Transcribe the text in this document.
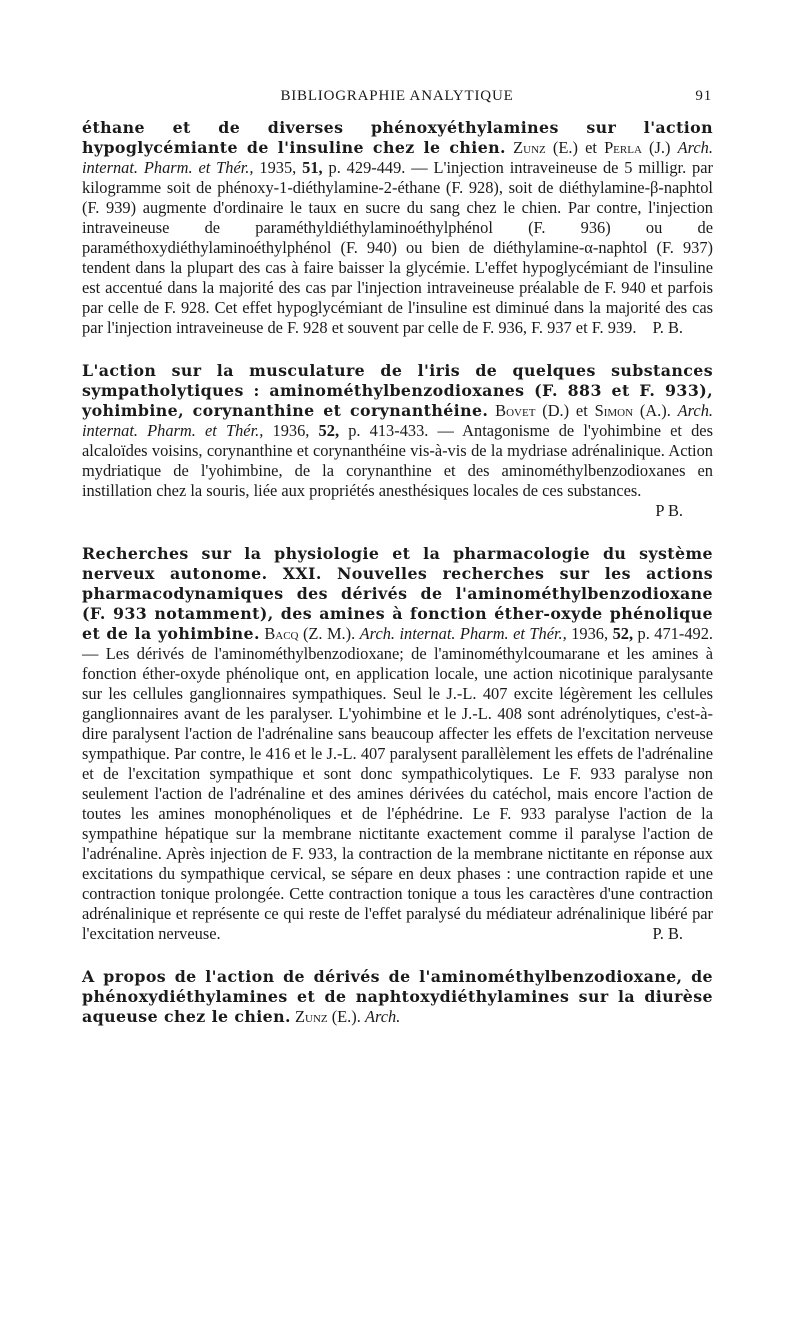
BIBLIOGRAPHIE ANALYTIQUE	91

éthane et de diverses phénoxyéthylamines sur l'action hypoglycémiante de l'insuline chez le chien. Zunz (E.) et Perla (J.) Arch. internat. Pharm. et Thér., 1935, 51, p. 429-449. — L'injection intraveineuse de 5 milligr. par kilogramme soit de phénoxy-1-diéthylamine-2-éthane (F. 928), soit de diéthylamine-β-naphtol (F. 939) augmente d'ordinaire le taux en sucre du sang chez le chien. Par contre, l'injection intraveineuse de paraméthyldiéthylaminoéthylphénol (F. 936) ou de paraméthoxydiéthylaminoéthylphénol (F. 940) ou bien de diéthylamine-α-naphtol (F. 937) tendent dans la plupart des cas à faire baisser la glycémie. L'effet hypoglycémiant de l'insuline est accentué dans la majorité des cas par l'injection intraveineuse préalable de F. 940 et parfois par celle de F. 928. Cet effet hypoglycémiant de l'insuline est diminué dans la majorité des cas par l'injection intraveineuse de F. 928 et souvent par celle de F. 936, F. 937 et F. 939. P. B.

L'action sur la musculature de l'iris de quelques substances sympatholytiques : aminométhylbenzodioxanes (F. 883 et F. 933), yohimbine, corynanthine et corynanthéine. Bovet (D.) et Simon (A.). Arch. internat. Pharm. et Thér., 1936, 52, p. 413-433. — Antagonisme de l'yohimbine et des alcaloïdes voisins, corynanthine et corynanthéine vis-à-vis de la mydriase adrénalinique. Action mydriatique de l'yohimbine, de la corynanthine et des aminométhylbenzodioxanes en instillation chez la souris, liée aux propriétés anesthésiques locales de ces substances.

P B.

Recherches sur la physiologie et la pharmacologie du système nerveux autonome. XXI. Nouvelles recherches sur les actions pharmacodynamiques des dérivés de l'aminométhylbenzodioxane (F. 933 notamment), des amines à fonction éther-oxyde phénolique et de la yohimbine. Bacq (Z. M.). Arch. internat. Pharm. et Thér., 1936, 52, p. 471-492. — Les dérivés de l'aminométhylbenzodioxane; de l'aminométhylcoumarane et les amines à fonction éther-oxyde phénolique ont, en application locale, une action nicotinique paralysante sur les cellules ganglionnaires sympathiques. Seul le J.-L. 407 excite légèrement les cellules ganglionnaires avant de les paralyser. L'yohimbine et le J.-L. 408 sont adrénolytiques, c'est-à-dire paralysent l'action de l'adrénaline sans beaucoup affecter les effets de l'excitation nerveuse sympathique. Par contre, le 416 et le J.-L. 407 paralysent parallèlement les effets de l'adrénaline et de l'excitation sympathique et sont donc sympathicolytiques. Le F. 933 paralyse non seulement l'action de l'adrénaline et des amines dérivées du catéchol, mais encore l'action de toutes les amines monophénoliques et de l'éphédrine. Le F. 933 paralyse l'action de la sympathine hépatique sur la membrane nictitante exactement comme il paralyse l'action de l'adrénaline. Après injection de F. 933, la contraction de la membrane nictitante en réponse aux excitations du sympathique cervical, se sépare en deux phases : une contraction rapide et une contraction tonique prolongée. Cette contraction tonique a tous les caractères d'une contraction adrénalinique et représente ce qui reste de l'effet paralysé du médiateur adrénalinique libéré par l'excitation nerveuse.	P. B.

A propos de l'action de dérivés de l'aminométhylbenzodioxane, de phénoxydiéthylamines et de naphtoxydiéthylamines sur la diurèse aqueuse chez le chien. Zunz (E.). Arch.
